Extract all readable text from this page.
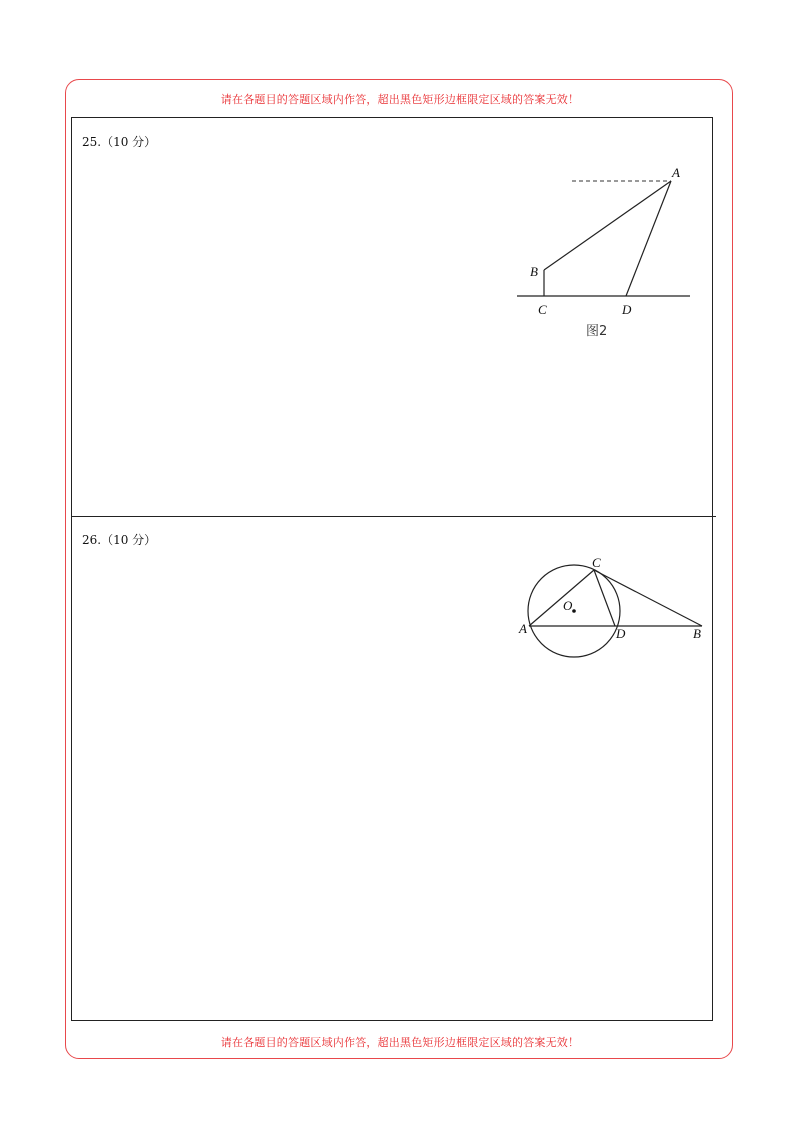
请在各题目的答题区域内作答，超出黑色矩形边框限定区域的答案无效！
25.（10 分）
A
B
C	D
图2
26.（10 分）
A	B
C
D
O
请在各题目的答题区域内作答，超出黑色矩形边框限定区域的答案无效！
